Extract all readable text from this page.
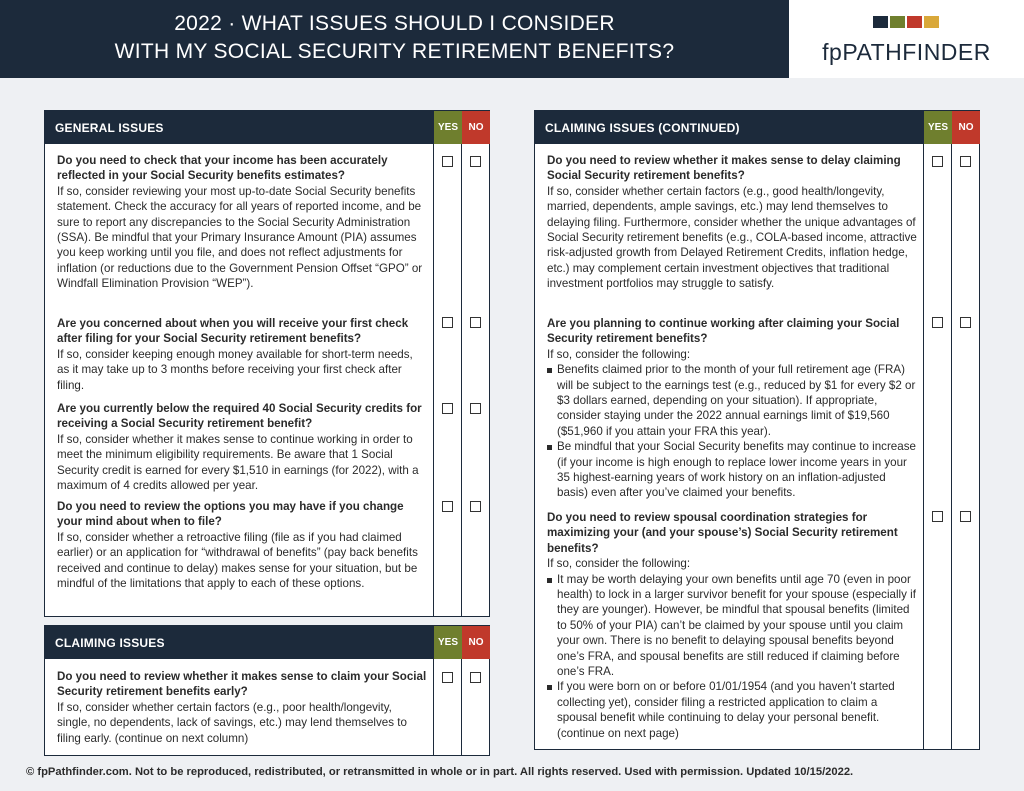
2022 · WHAT ISSUES SHOULD I CONSIDER
WITH MY SOCIAL SECURITY RETIREMENT BENEFITS?	fpPATHFINDER
GENERAL ISSUES	YES	NO
Do you need to check that your income has been accurately reflected in your Social Security benefits estimates?
If so, consider reviewing your most up-to-date Social Security benefits statement. Check the accuracy for all years of reported income, and be sure to report any discrepancies to the Social Security Administration (SSA). Be mindful that your Primary Insurance Amount (PIA) assumes you keep working until you file, and does not reflect adjustments for inflation (or reductions due to the Government Pension Offset “GPO” or Windfall Elimination Provision “WEP”).
Are you concerned about when you will receive your first check after filing for your Social Security retirement benefits?
If so, consider keeping enough money available for short-term needs, as it may take up to 3 months before receiving your first check after filing.
Are you currently below the required 40 Social Security credits for receiving a Social Security retirement benefit?
If so, consider whether it makes sense to continue working in order to meet the minimum eligibility requirements. Be aware that 1 Social Security credit is earned for every $1,510 in earnings (for 2022), with a maximum of 4 credits allowed per year.
Do you need to review the options you may have if you change your mind about when to file?
If so, consider whether a retroactive filing (file as if you had claimed earlier) or an application for “withdrawal of benefits” (pay back benefits received and continue to delay) makes sense for your situation, but be mindful of the limitations that apply to each of these options.
CLAIMING ISSUES	YES	NO
Do you need to review whether it makes sense to claim your Social Security retirement benefits early?
If so, consider whether certain factors (e.g., poor health/longevity, single, no dependents, lack of savings, etc.) may lend themselves to filing early. (continue on next column)
CLAIMING ISSUES (CONTINUED)	YES	NO
Do you need to review whether it makes sense to delay claiming Social Security retirement benefits?
If so, consider whether certain factors (e.g., good health/longevity, married, dependents, ample savings, etc.) may lend themselves to delaying filing. Furthermore, consider whether the unique advantages of Social Security retirement benefits (e.g., COLA-based income, attractive risk-adjusted growth from Delayed Retirement Credits, inflation hedge, etc.) may complement certain investment objectives that traditional investment portfolios may struggle to satisfy.
Are you planning to continue working after claiming your Social Security retirement benefits?
If so, consider the following:
Benefits claimed prior to the month of your full retirement age (FRA) will be subject to the earnings test (e.g., reduced by $1 for every $2 or $3 dollars earned, depending on your situation). If appropriate, consider staying under the 2022 annual earnings limit of $19,560 ($51,960 if you attain your FRA this year).
Be mindful that your Social Security benefits may continue to increase (if your income is high enough to replace lower income years in your 35 highest-earning years of work history on an inflation-adjusted basis) even after you’ve claimed your benefits.
Do you need to review spousal coordination strategies for maximizing your (and your spouse’s) Social Security retirement benefits?
If so, consider the following:
It may be worth delaying your own benefits until age 70 (even in poor health) to lock in a larger survivor benefit for your spouse (especially if they are younger). However, be mindful that spousal benefits (limited to 50% of your PIA) can’t be claimed by your spouse until you claim your own. There is no benefit to delaying spousal benefits beyond one’s FRA, and spousal benefits are still reduced if claiming before one’s FRA.
If you were born on or before 01/01/1954 (and you haven’t started collecting yet), consider filing a restricted application to claim a spousal benefit while continuing to delay your personal benefit. (continue on next page)
© fpPathfinder.com. Not to be reproduced, redistributed, or retransmitted in whole or in part. All rights reserved. Used with permission. Updated 10/15/2022.
